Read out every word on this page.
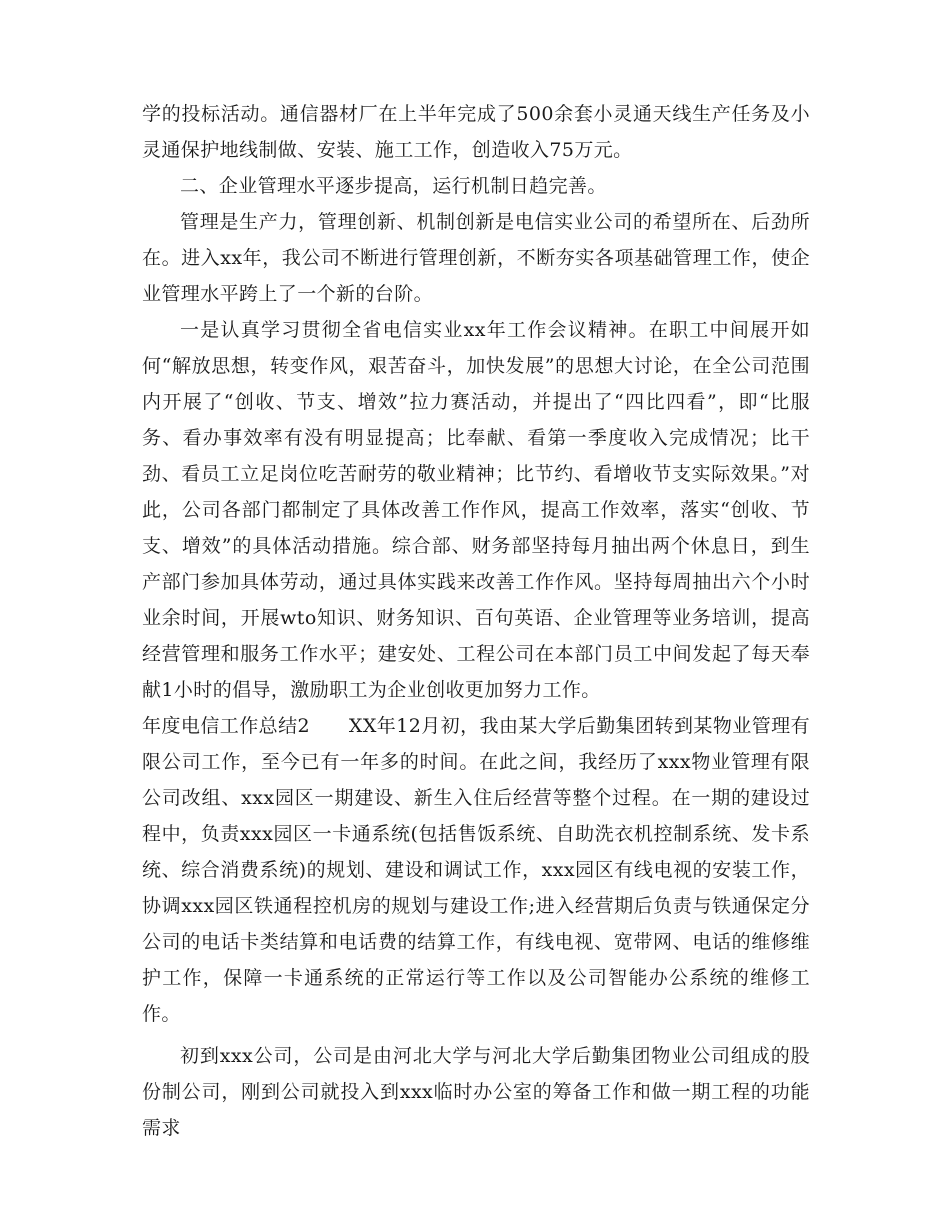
学的投标活动。通信器材厂在上半年完成了500余套小灵通天线生产任务及小灵通保护地线制做、安装、施工工作，创造收入75万元。

二、企业管理水平逐步提高，运行机制日趋完善。

管理是生产力，管理创新、机制创新是电信实业公司的希望所在、后劲所在。进入xx年，我公司不断进行管理创新，不断夯实各项基础管理工作，使企业管理水平跨上了一个新的台阶。

一是认真学习贯彻全省电信实业xx年工作会议精神。在职工中间展开如何“解放思想，转变作风，艰苦奋斗，加快发展”的思想大讨论，在全公司范围内开展了“创收、节支、增效”拉力赛活动，并提出了“四比四看”，即“比服务、看办事效率有没有明显提高；比奉献、看第一季度收入完成情况；比干劲、看员工立足岗位吃苦耐劳的敬业精神；比节约、看增收节支实际效果。”对此，公司各部门都制定了具体改善工作作风，提高工作效率，落实“创收、节支、增效”的具体活动措施。综合部、财务部坚持每月抽出两个休息日，到生产部门参加具体劳动，通过具体实践来改善工作作风。坚持每周抽出六个小时业余时间，开展wto知识、财务知识、百句英语、企业管理等业务培训，提高经营管理和服务工作水平；建安处、工程公司在本部门员工中间发起了每天奉献1小时的倡导，激励职工为企业创收更加努力工作。

年度电信工作总结2 XX年12月初，我由某大学后勤集团转到某物业管理有限公司工作，至今已有一年多的时间。在此之间，我经历了xxx物业管理有限公司改组、xxx园区一期建设、新生入住后经营等整个过程。在一期的建设过程中，负责xxx园区一卡通系统(包括售饭系统、自助洗衣机控制系统、发卡系统、综合消费系统)的规划、建设和调试工作，xxx园区有线电视的安装工作，协调xxx园区铁通程控机房的规划与建设工作;进入经营期后负责与铁通保定分公司的电话卡类结算和电话费的结算工作，有线电视、宽带网、电话的维修维护工作，保障一卡通系统的正常运行等工作以及公司智能办公系统的维修工作。

初到xxx公司，公司是由河北大学与河北大学后勤集团物业公司组成的股份制公司，刚到公司就投入到xxx临时办公室的筹备工作和做一期工程的功能需求
